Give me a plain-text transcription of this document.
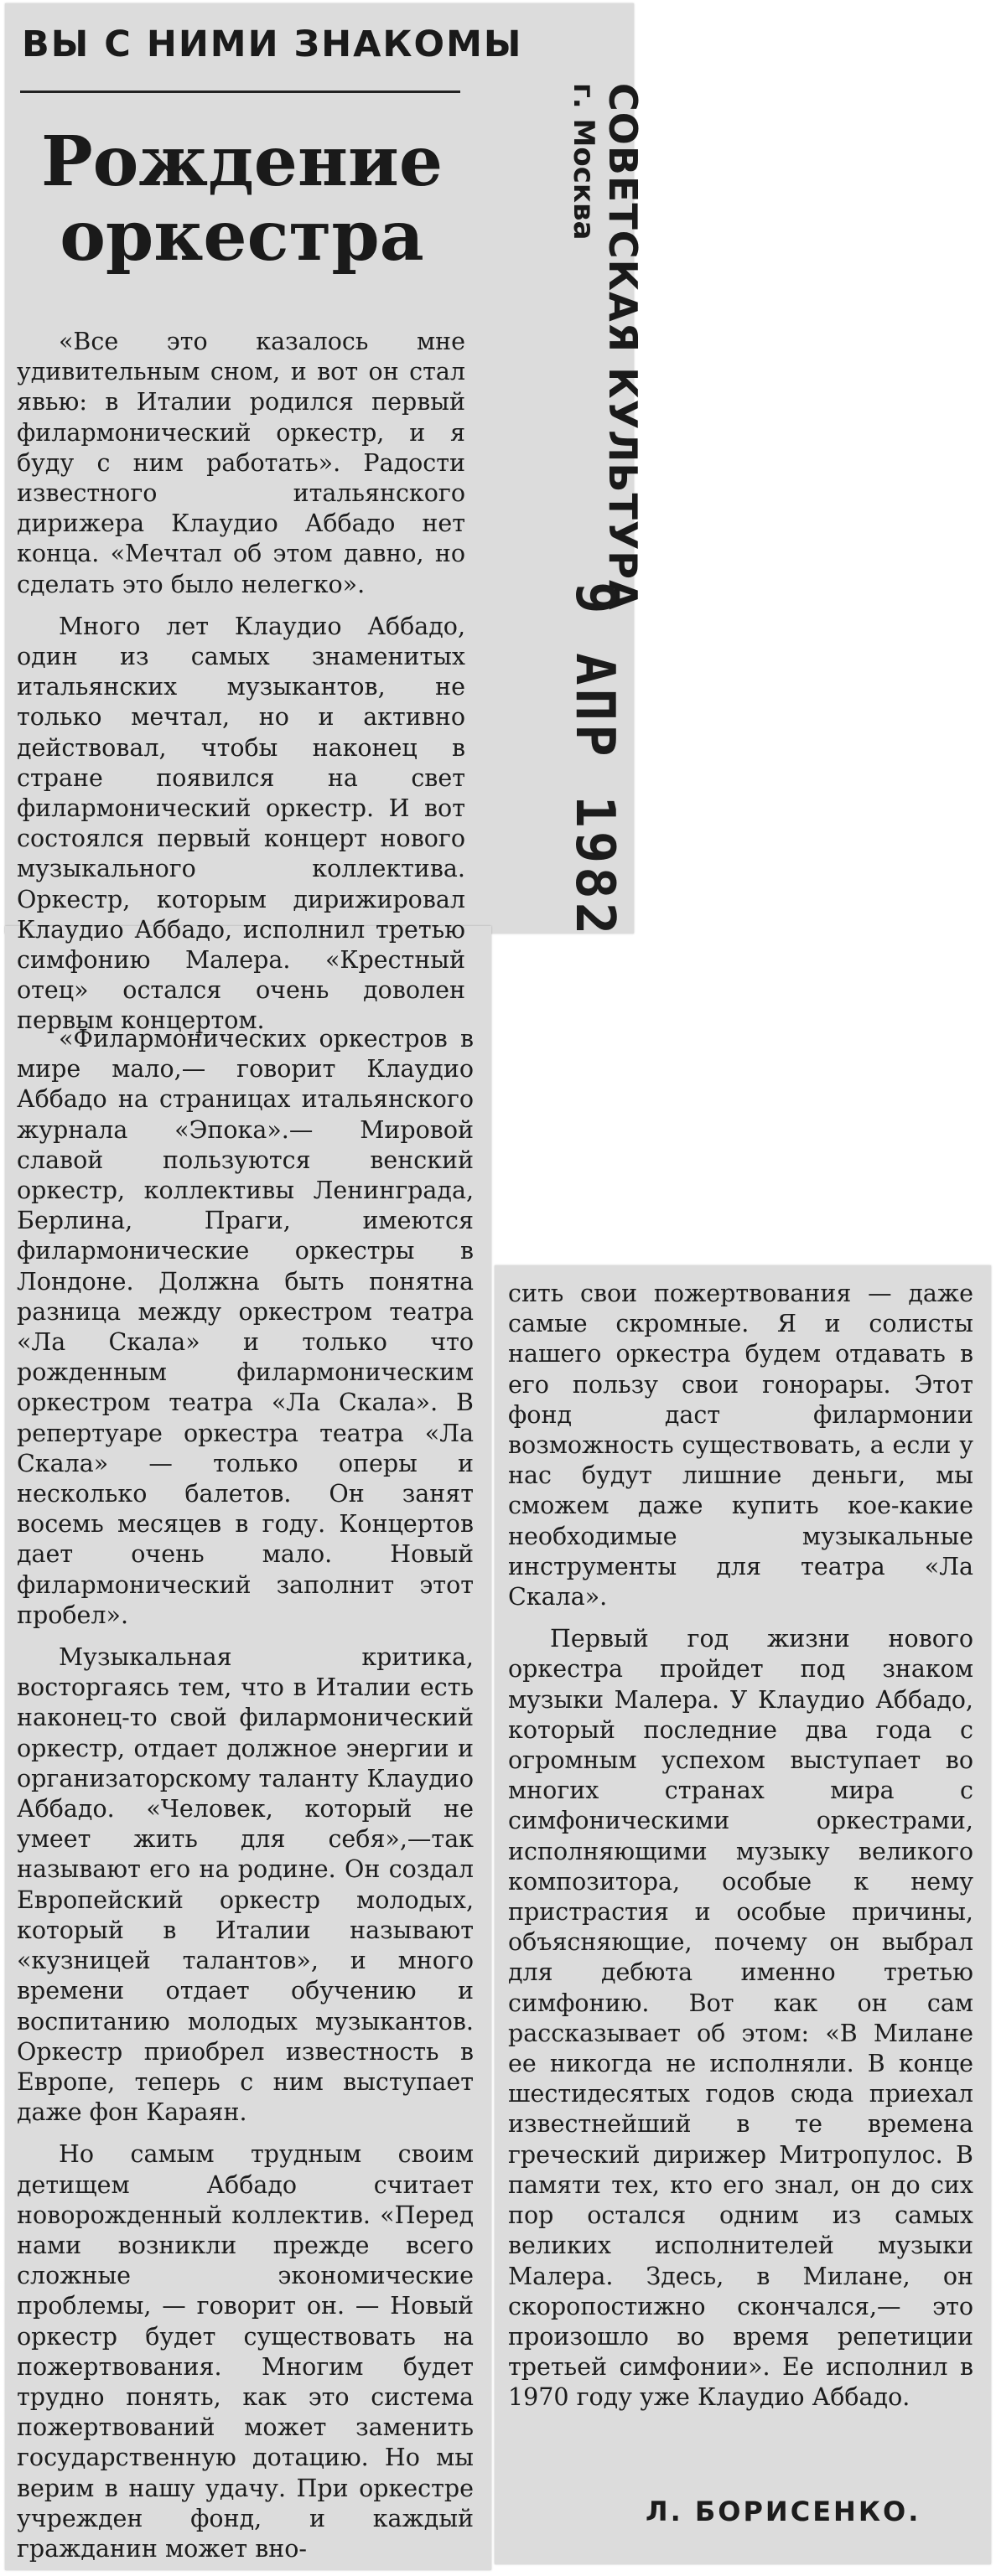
ВЫ С НИМИ ЗНАКОМЫ
Рождение оркестра	СОВЕТСКАЯ КУЛЬТУРА
г. Москва
9 АПР 1982

«Все это казалось мне удивительным сном, и вот он стал явью: в Италии родился первый филармонический оркестр, и я буду с ним работать». Радости известного итальянского дирижера Клаудио Аббадо нет конца. «Мечтал об этом давно, но сделать это было нелегко».

Много лет Клаудио Аббадо, один из самых знаменитых итальянских музыкантов, не только мечтал, но и активно действовал, чтобы наконец в стране появился на свет филармонический оркестр. И вот состоялся первый концерт нового музыкального коллектива. Оркестр, которым дирижировал Клаудио Аббадо, исполнил третью симфонию Малера. «Крестный отец» остался очень доволен первым концертом.

«Филармонических оркестров в мире мало,— говорит Клаудио Аббадо на страницах итальянского журнала «Эпока».— Мировой славой пользуются венский оркестр, коллективы Ленинграда, Берлина, Праги, имеются филармонические оркестры в Лондоне. Должна быть понятна разница между оркестром театра «Ла Скала» и только что рожденным филармоническим оркестром театра «Ла Скала». В репертуаре оркестра театра «Ла Скала» — только оперы и несколько балетов. Он занят восемь месяцев в году. Концертов дает очень мало. Новый филармонический заполнит этот пробел».

Музыкальная критика, восторгаясь тем, что в Италии есть наконец-то свой филармонический оркестр, отдает должное энергии и организаторскому таланту Клаудио Аббадо. «Человек, который не умеет жить для себя»,—так называют его на родине. Он создал Европейский оркестр молодых, который в Италии называют «кузницей талантов», и много времени отдает обучению и воспитанию молодых музыкантов. Оркестр приобрел известность в Европе, теперь с ним выступает даже фон Караян.

Но самым трудным своим детищем Аббадо считает новорожденный коллектив. «Перед нами возникли прежде всего сложные экономические проблемы, — говорит он. — Новый оркестр будет существовать на пожертвования. Многим будет трудно понять, как это система пожертвований может заменить государственную дотацию. Но мы верим в нашу удачу. При оркестре учрежден фонд, и каждый гражданин может вно-

сить свои пожертвования — даже самые скромные. Я и солисты нашего оркестра будем отдавать в его пользу свои гонорары. Этот фонд даст филармонии возможность существовать, а если у нас будут лишние деньги, мы сможем даже купить кое-какие необходимые музыкальные инструменты для театра «Ла Скала».

Первый год жизни нового оркестра пройдет под знаком музыки Малера. У Клаудио Аббадо, который последние два года с огромным успехом выступает во многих странах мира с симфоническими оркестрами, исполняющими музыку великого композитора, особые к нему пристрастия и особые причины, объясняющие, почему он выбрал для дебюта именно третью симфонию. Вот как он сам рассказывает об этом: «В Милане ее никогда не исполняли. В конце шестидесятых годов сюда приехал известнейший в те времена греческий дирижер Митропулос. В памяти тех, кто его знал, он до сих пор остался одним из самых великих исполнителей музыки Малера. Здесь, в Милане, он скоропостижно скончался,— это произошло во время репетиции третьей симфонии». Ее исполнил в 1970 году уже Клаудио Аббадо.

Л. БОРИСЕНКО.
